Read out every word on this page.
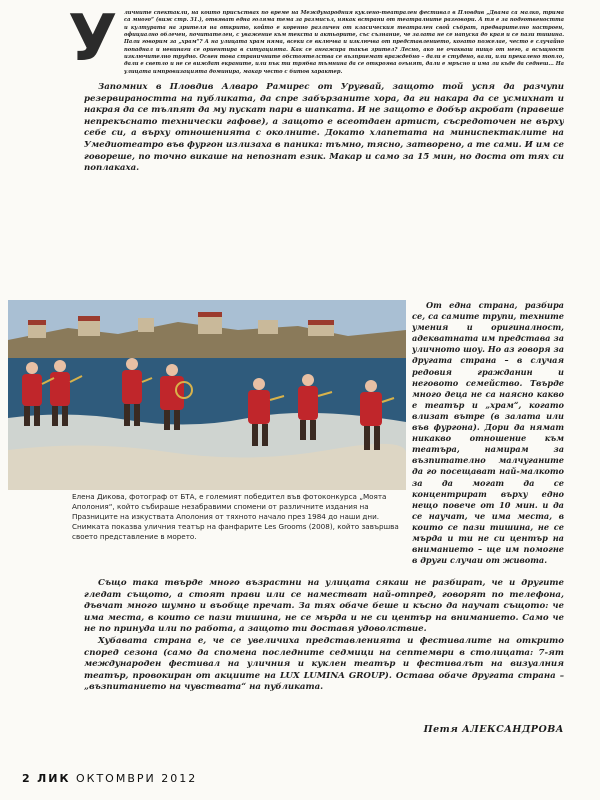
У личните спектакли, на които присъствах по време на Международния куклено-театрален фестивал в Пловдив „Двама са малко, трима са много“ (виж стр. 31.), отвяват една голяма тема за размисъл, някак встрани от театралните разговори. А тя е за подготвеността и културата на зрителя на открито, който е коренно различен от класическия театрален свой събрат, предварително настроен, официално облечен, почитателен, с уважение към текста и актьорите, със съзнание, че залата не се напуска до края и се пази тишина. Пали говорим за „храм“? А на улицата храм няма, всеки се включва и изключва от представлението, когато пожелае, често е случайно попаднал и невинаги се ориентира в ситуацията. Как се ангажира такъв зрител? Лесно, ако не очакваш нищо от него, а всъщност изключително трудно. Освен това страничните обстоятелства се възприемат враждебно – дали е студено, вали, или прекалено топло, дали е светло и не се виждат екраните, или пък ти трябва тъмнина да се откроява огънят, дали е мръсно и има ли къде да седнеш... На улицата импровизацията доминира, макар често с битов характер.

Запомних в Пловдив Алваро Рамирес от Уругвай, защото той успя да разчупи резервираността на публиката, да спре забързаните хора, да ги накара да се усмихнат и накрая да се тълпят да му пускат пари в шапката. И не защото е добър акробат (правеше непрекъснато технически гафове), а защото е всеотдаен артист, съсредоточен не върху себе си, а върху отношенията с околните. Докато хлапетата на миниспектаклите на Умедиотеатро във фургон излизаха в паника: тъмно, тясно, затворено, а те сами. И им се говореше, по точно викаше на непознат език. Макар и само за 15 мин, но доста от тях си поплакаха.

Елена Дикова, фотограф от БТА, е големият победител във фотоконкурса „Моята Аполония“, който събираше незабравими спомени от различните издания на Празниците на изкуствата Аполония от тяхното начало през 1984 до наши дни. Снимката показва уличния театър на фанфарите Les Grooms (2008), който завършва своето представление в морето.

От една страна, разбира се, са самите трупи, техните умения и оригиналност, адекватната им представа за уличното шоу. Но аз говоря за другата страна – в случая редовия гражданин и неговото семейство. Твърде много деца не са наясно какво е театър и „храм“, когато влизат вътре (в залата или във фургона). Дори да нямат никакво отношение към театъра, намирам за възпитателно малчуганите да го посещават най-малкото за да могат да се концентрират върху едно нещо повече от 10 мин. и да се научат, че има места, в които се пази тишина, не се мърда и ти не си център на вниманието – ще им помогне в други случаи от живота.

Също така твърде много възрастни на улицата сякаш не разбират, че и другите гледат същото, а стоят прави или се наместват най-отпред, говорят по телефона, дъвчат много шумно и въобще пречат. За тях обаче беше и късно да научат същото: че има места, в които се пази тишина, не се мърда и не си център на вниманието. Само че не по принуда или по работа, а защото ти доставя удоволствие.

Хубавата страна е, че се увеличиха представленията и фестивалите на открито според сезона (само да спомена последните седмици на септември в столицата: 7-ят международен фестивал на уличния и куклен театър и фестивалът на визуалния театър, провокиран от акциите на LUX LUMINA GROUP). Остава обаче другата страна – „възпитанието на чувствата“ на публиката.

Петя АЛЕКСАНДРОВА
2 ЛИК ОКТОМВРИ 2012
